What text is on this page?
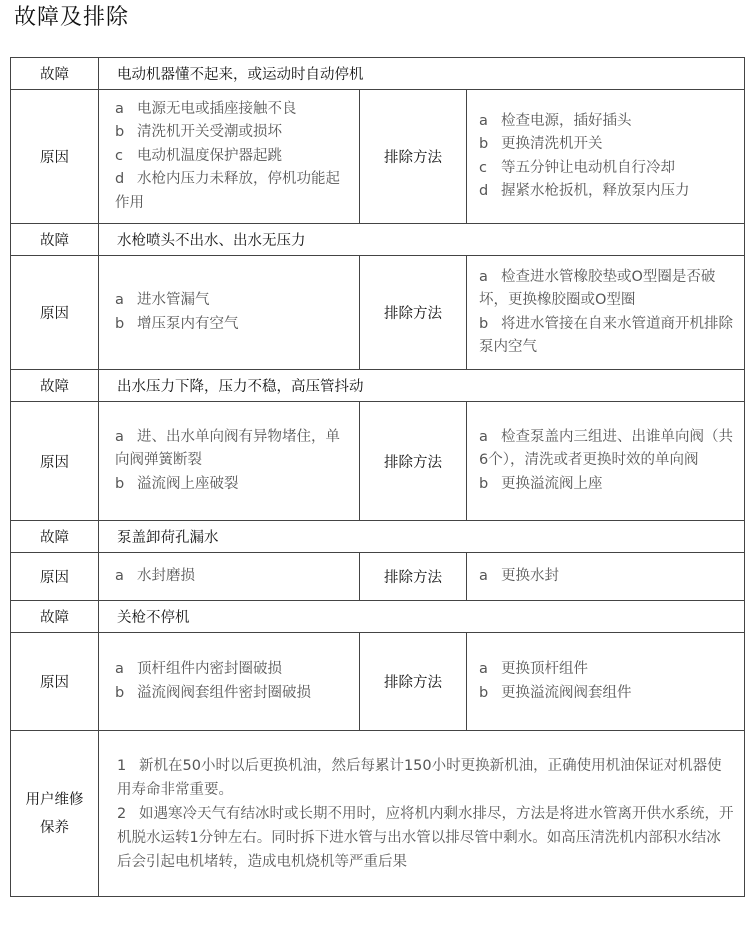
故障及排除
故障	电动机器懂不起来，或运动时自动停机		
原因	a 电源无电或插座接触不良
b 清洗机开关受潮或损坏
c 电动机温度保护器起跳
d 水枪内压力未释放，停机功能起作用	排除方法	a 检查电源，插好插头
b 更换清洗机开关
c 等五分钟让电动机自行冷却
d 握紧水枪扳机，释放泵内压力

故障	水枪喷头不出水、出水无压力		
原因	a 进水管漏气
b 增压泵内有空气	排除方法	a 检查进水管橡胶垫或O型圈是否破坏，更换橡胶圈或O型圈
b 将进水管接在自来水管道商开机排除泵内空气

故障	出水压力下降，压力不稳，高压管抖动		
原因	a 进、出水单向阀有异物堵住，单向阀弹簧断裂
b 溢流阀上座破裂	排除方法	a 检查泵盖内三组进、出谁单向阀（共6个），清洗或者更换时效的单向阀
b 更换溢流阀上座

故障	泵盖卸荷孔漏水		
原因	a 水封磨损	排除方法	a 更换水封

故障	关枪不停机		
原因	a 顶杆组件内密封圈破损
b 溢流阀阀套组件密封圈破损	排除方法	a 更换顶杆组件
b 更换溢流阀阀套组件

用户维修保养	1 新机在50小时以后更换机油，然后每累计150小时更换新机油，正确使用机油保证对机器使用寿命非常重要。
2 如遇寒冷天气有结冰时或长期不用时，应将机内剩水排尽，方法是将进水管离开供水系统，开机脱水运转1分钟左右。同时拆下进水管与出水管以排尽管中剩水。如高压清洗机内部积水结冰后会引起电机堵转，造成电机烧机等严重后果		
